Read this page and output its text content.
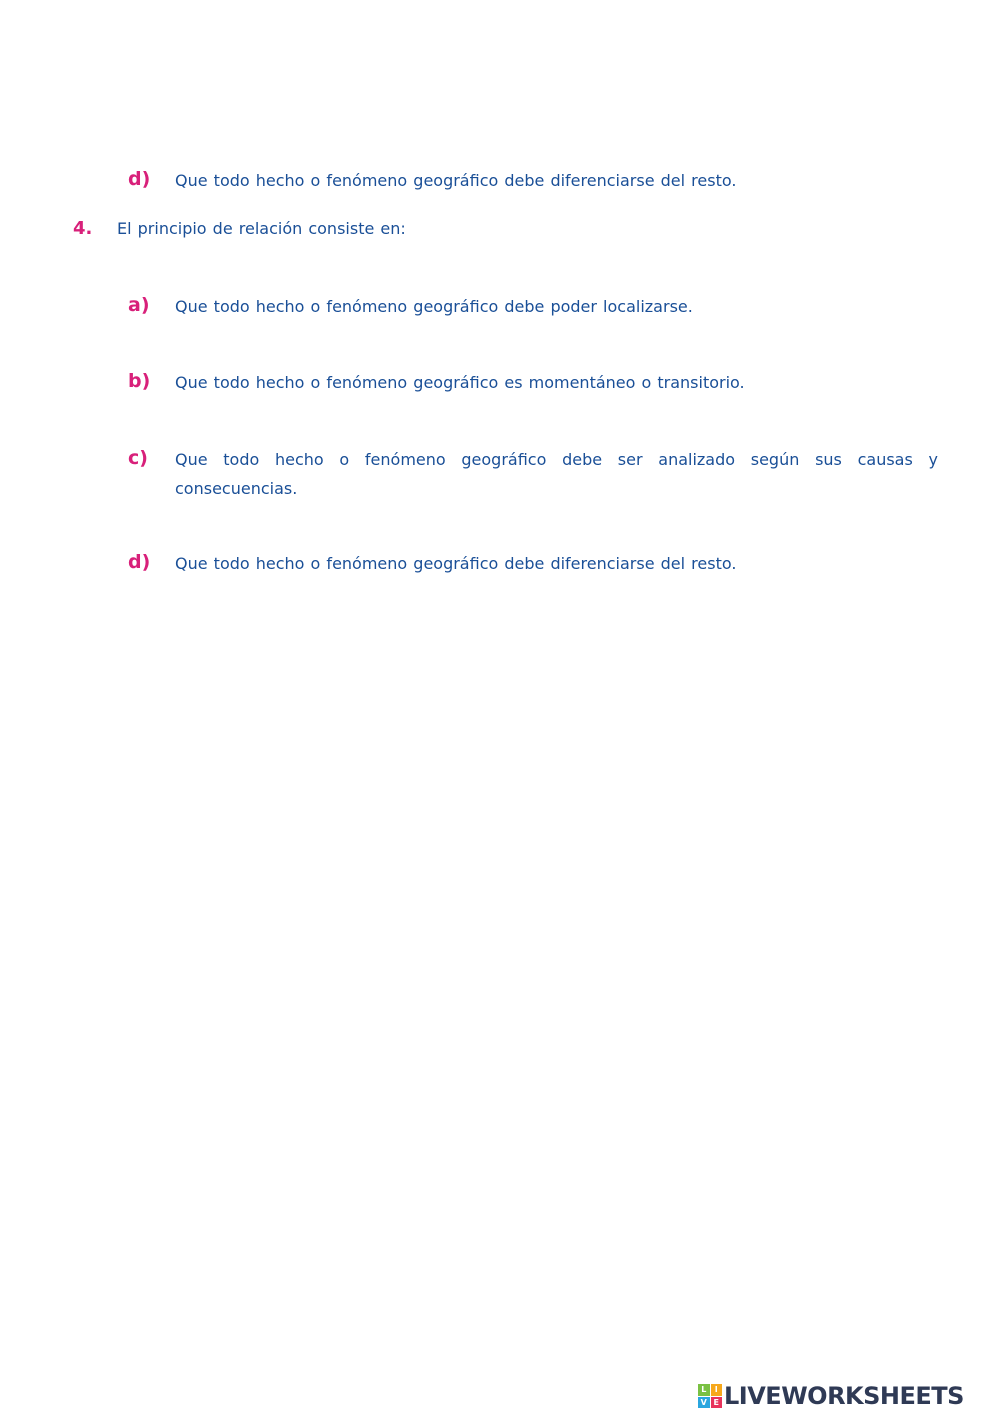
d) Que todo hecho o fenómeno geográfico debe diferenciarse del resto.
4. El principio de relación consiste en:
a) Que todo hecho o fenómeno geográfico debe poder localizarse.
b) Que todo hecho o fenómeno geográfico es momentáneo o transitorio.
c) Que todo hecho o fenómeno geográfico debe ser analizado según sus causas y consecuencias.
d) Que todo hecho o fenómeno geográfico debe diferenciarse del resto.
L	I
V E LIVEWORKSHEETS
